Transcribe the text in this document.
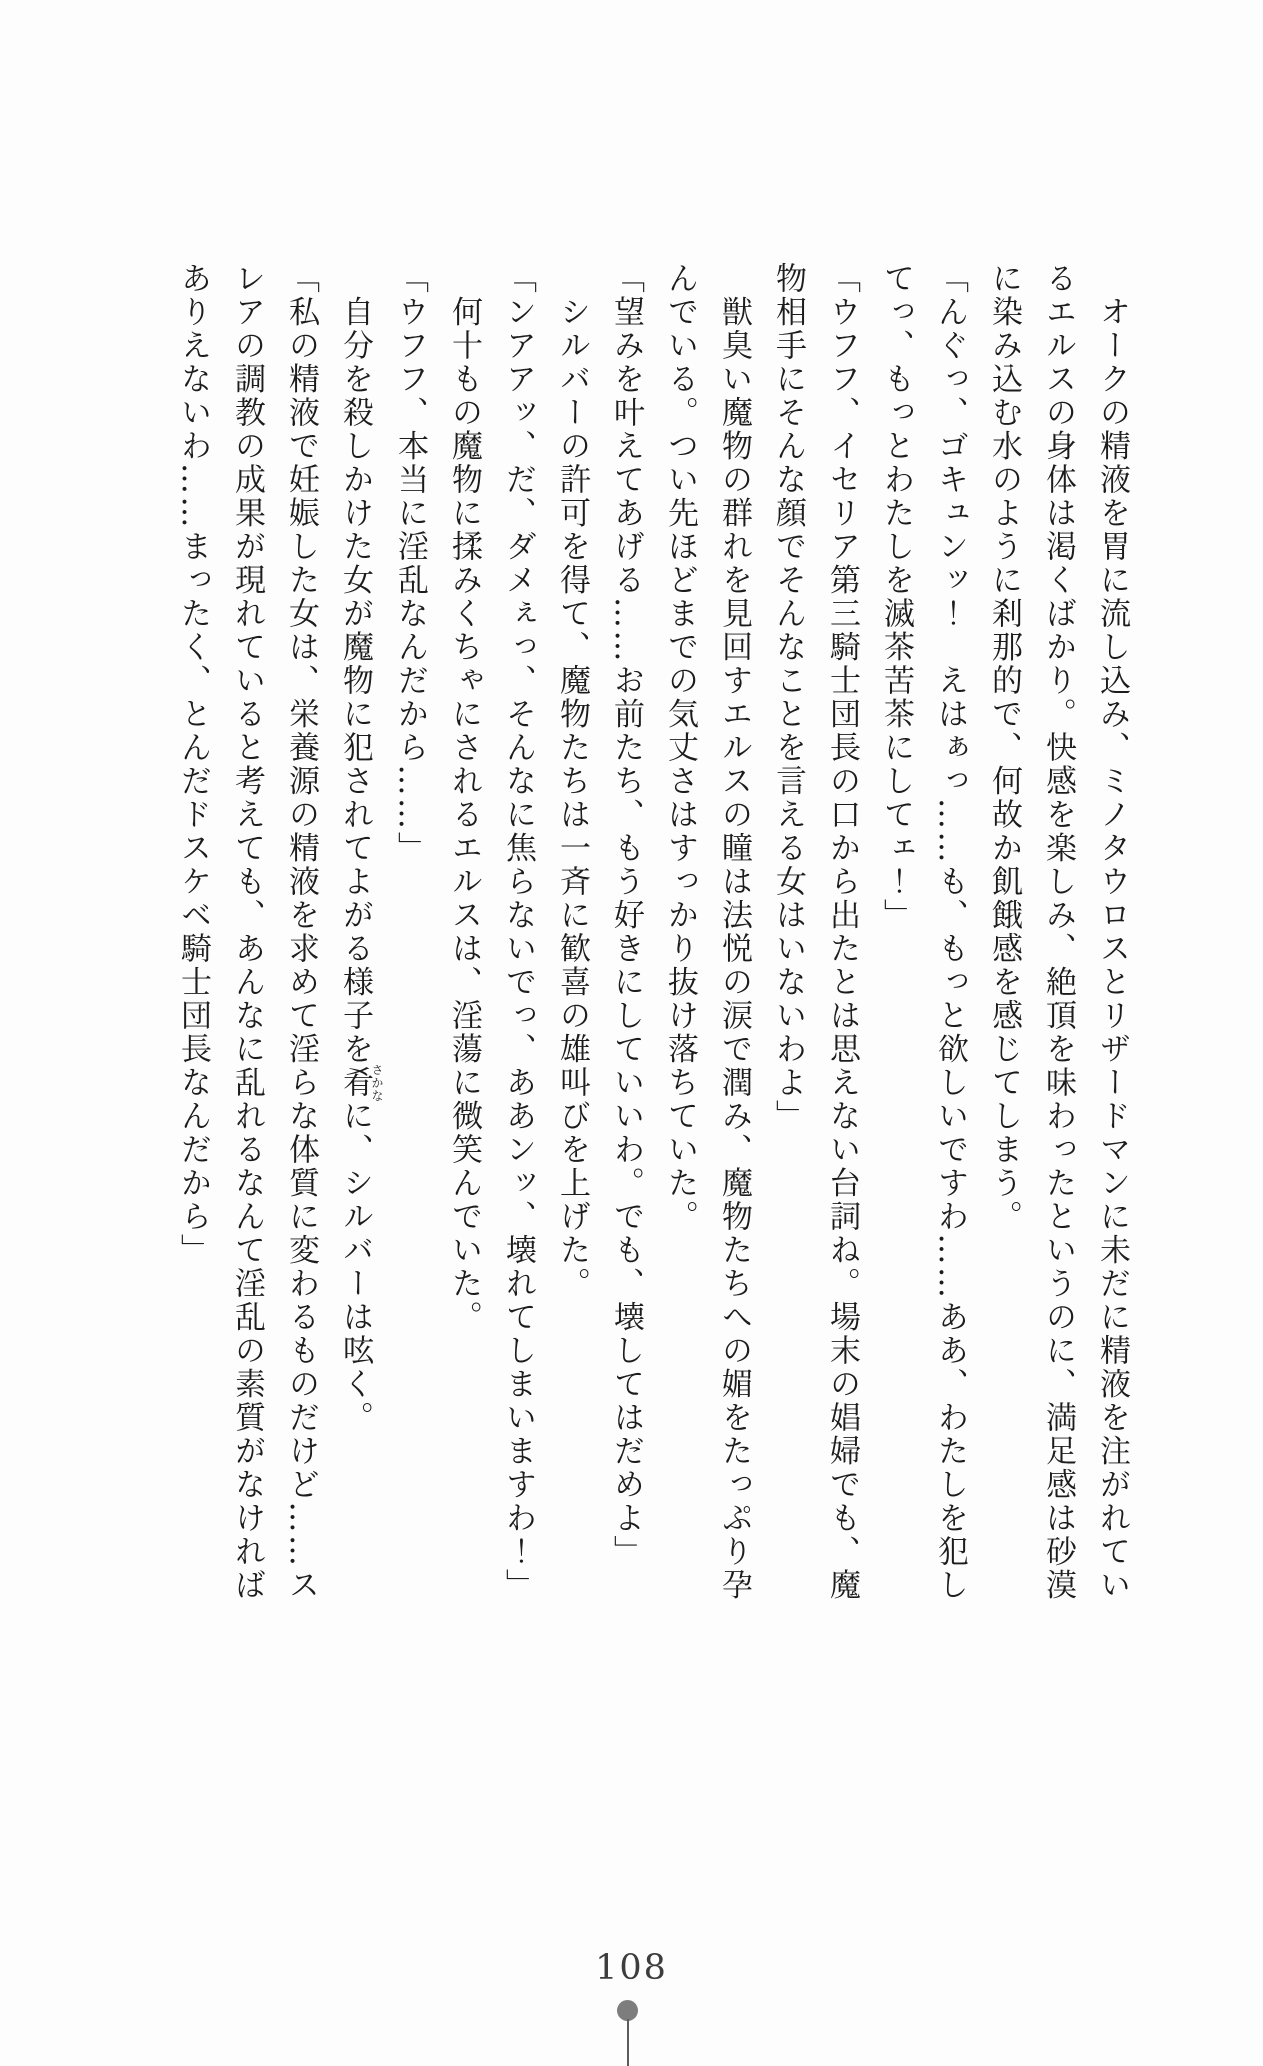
　オークの精液を胃に流し込み、ミノタウロスとリザードマンに未だに精液を注がれてい

るエルスの身体は渇くばかり。快感を楽しみ、絶頂を味わったというのに、満足感は砂漠

に染み込む水のように刹那的で、何故か飢餓感を感じてしまう。

「んぐっ、ゴキュンッ！　えはぁっ……も、もっと欲しいですわ……ああ、わたしを犯し

てっ、もっとわたしを滅茶苦茶にしてェ！」

「ウフフ、イセリア第三騎士団長の口から出たとは思えない台詞ね。場末の娼婦でも、魔

物相手にそんな顔でそんなことを言える女はいないわよ」

　獣臭い魔物の群れを見回すエルスの瞳は法悦の涙で潤み、魔物たちへの媚をたっぷり孕

んでいる。つい先ほどまでの気丈さはすっかり抜け落ちていた。

「望みを叶えてあげる……お前たち、もう好きにしていいわ。でも、壊してはだめよ」

　シルバーの許可を得て、魔物たちは一斉に歓喜の雄叫びを上げた。

「ンアアッ、だ、ダメぇっ、そんなに焦らないでっ、ああンッ、壊れてしまいますわ！」

　何十もの魔物に揉みくちゃにされるエルスは、淫蕩に微笑んでいた。

「ウフフ、本当に淫乱なんだから……」

　自分を殺しかけた女が魔物に犯されてよがる様子を肴さかなに、シルバーは呟く。

「私の精液で妊娠した女は、栄養源の精液を求めて淫らな体質に変わるものだけど……ス

レアの調教の成果が現れていると考えても、あんなに乱れるなんて淫乱の素質がなければ

ありえないわ……まったく、とんだドスケベ騎士団長なんだから」

108
